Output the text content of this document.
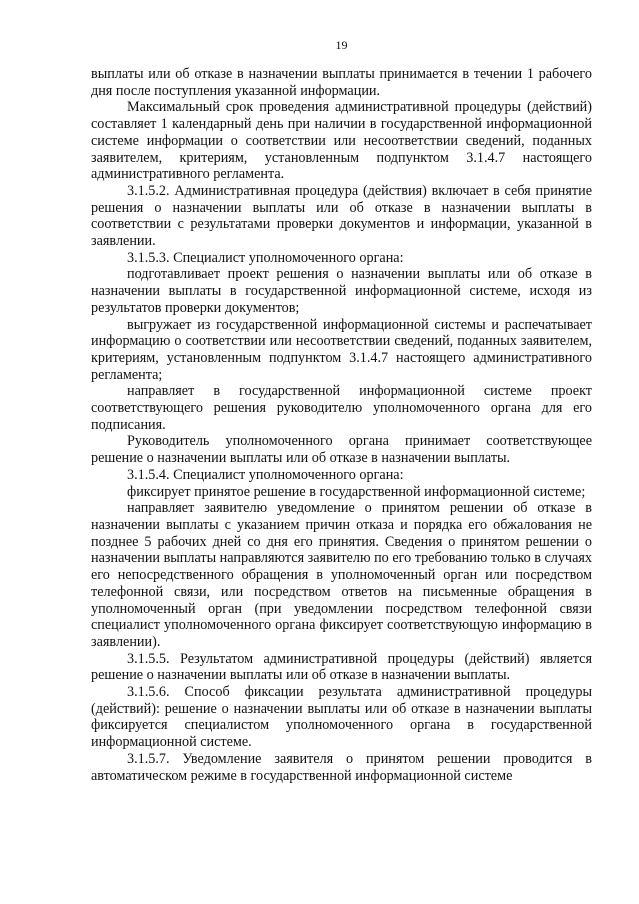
19

выплаты или об отказе в назначении выплаты принимается в течении 1 рабочего дня после поступления указанной информации.

Максимальный срок проведения административной процедуры (действий) составляет 1 календарный день при наличии в государственной информационной системе информации о соответствии или несоответствии сведений, поданных заявителем, критериям, установленным подпунктом 3.1.4.7 настоящего административного регламента.

3.1.5.2. Административная процедура (действия) включает в себя принятие решения о назначении выплаты или об отказе в назначении выплаты в соответствии с результатами проверки документов и информации, указанной в заявлении.

3.1.5.3. Специалист уполномоченного органа:

подготавливает проект решения о назначении выплаты или об отказе в назначении выплаты в государственной информационной системе, исходя из результатов проверки документов;

выгружает из государственной информационной системы и распечатывает информацию о соответствии или несоответствии сведений, поданных заявителем, критериям, установленным подпунктом 3.1.4.7 настоящего административного регламента;

направляет в государственной информационной системе проект соответствующего решения руководителю уполномоченного органа для его подписания.

Руководитель уполномоченного органа принимает соответствующее решение о назначении выплаты или об отказе в назначении выплаты.

3.1.5.4. Специалист уполномоченного органа:

фиксирует принятое решение в государственной информационной системе;

направляет заявителю уведомление о принятом решении об отказе в назначении выплаты с указанием причин отказа и порядка его обжалования не позднее 5 рабочих дней со дня его принятия. Сведения о принятом решении о назначении выплаты направляются заявителю по его требованию только в случаях его непосредственного обращения в уполномоченный орган или посредством телефонной связи, или посредством ответов на письменные обращения в уполномоченный орган (при уведомлении посредством телефонной связи специалист уполномоченного органа фиксирует соответствующую информацию в заявлении).

3.1.5.5. Результатом административной процедуры (действий) является решение о назначении выплаты или об отказе в назначении выплаты.

3.1.5.6. Способ фиксации результата административной процедуры (действий): решение о назначении выплаты или об отказе в назначении выплаты фиксируется специалистом уполномоченного органа в государственной информационной системе.

3.1.5.7. Уведомление заявителя о принятом решении проводится в автоматическом режиме в государственной информационной системе
